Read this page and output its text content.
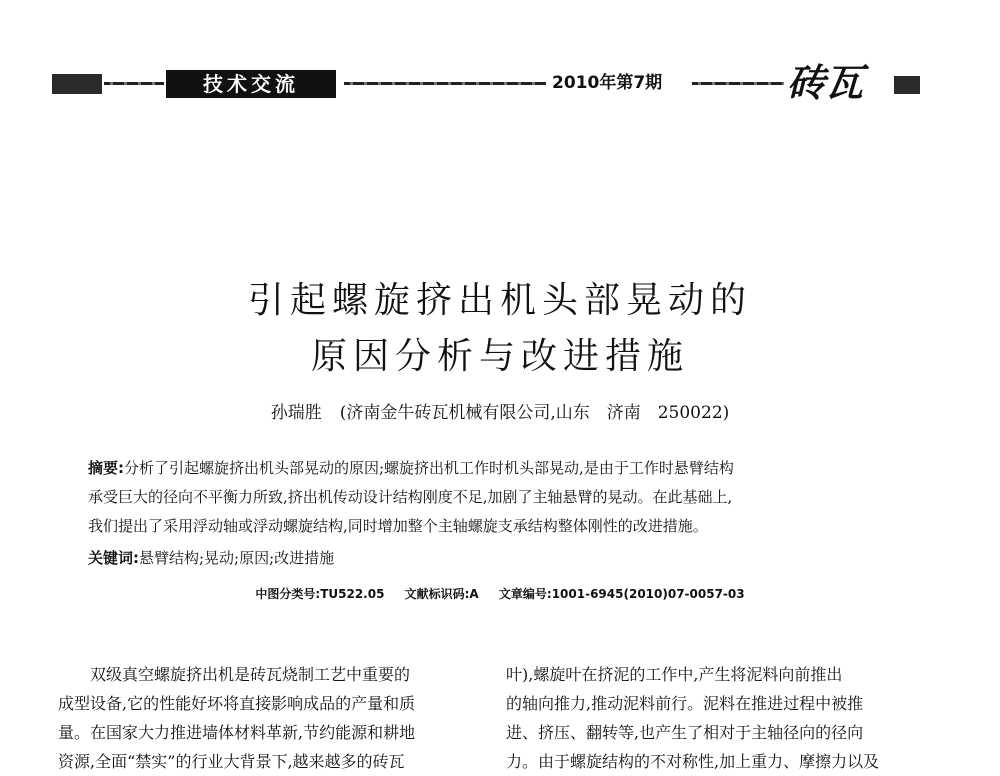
技术交流	2010年第7期	砖瓦
引起螺旋挤出机头部晃动的
原因分析与改进措施
孙瑞胜 (济南金牛砖瓦机械有限公司,山东　济南　250022)
摘要:分析了引起螺旋挤出机头部晃动的原因;螺旋挤出机工作时机头部晃动,是由于工作时悬臂结构
承受巨大的径向不平衡力所致,挤出机传动设计结构刚度不足,加剧了主轴悬臂的晃动。在此基础上,
我们提出了采用浮动轴或浮动螺旋结构,同时增加整个主轴螺旋支承结构整体刚性的改进措施。
关键词:悬臂结构;晃动;原因;改进措施
中图分类号:TU522.05 文献标识码:A 文章编号:1001-6945(2010)07-0057-03
双级真空螺旋挤出机是砖瓦烧制工艺中重要的
成型设备,它的性能好坏将直接影响成品的产量和质
量。在国家大力推进墙体材料革新,节约能源和耕地
资源,全面“禁实”的行业大背景下,越来越多的砖瓦
叶),螺旋叶在挤泥的工作中,产生将泥料向前推出
的轴向推力,推动泥料前行。泥料在推进过程中被推
进、挤压、翻转等,也产生了相对于主轴径向的径向
力。由于螺旋结构的不对称性,加上重力、摩擦力以及
